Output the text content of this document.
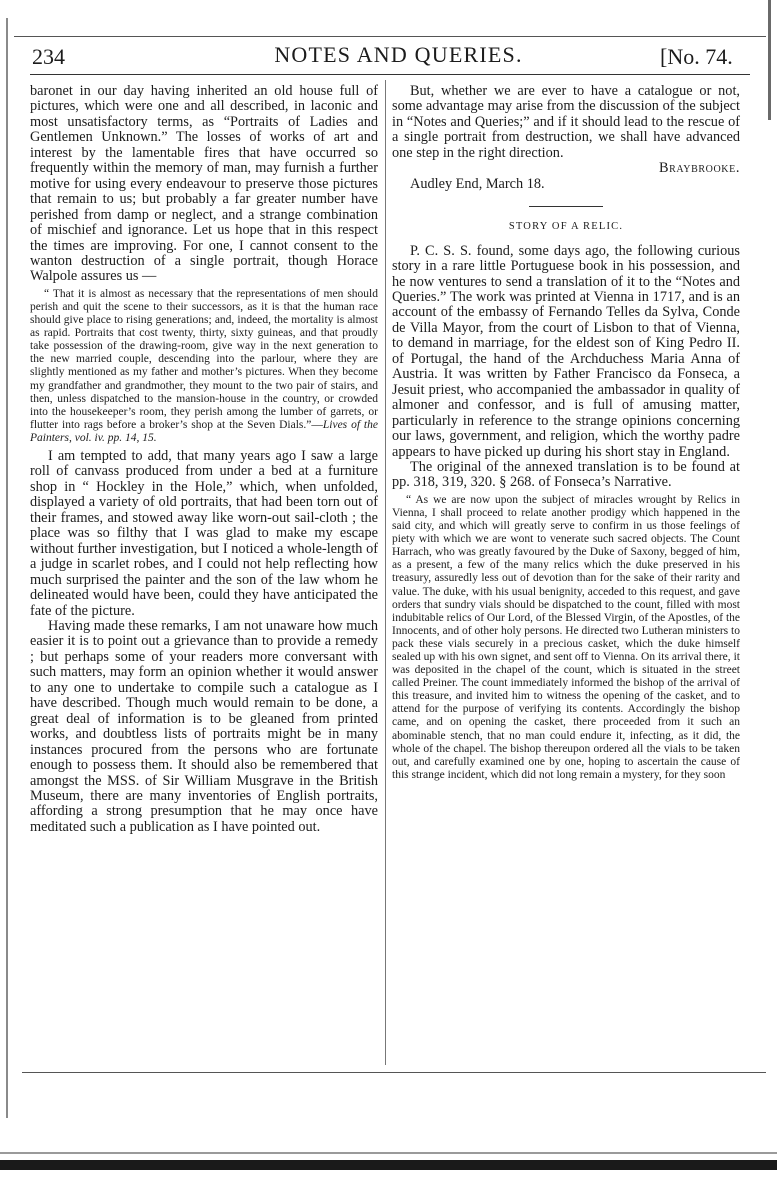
234	NOTES AND QUERIES.	[No. 74.

baronet in our day having inherited an old house full of pictures, which were one and all described, in laconic and most unsatisfactory terms, as “Portraits of Ladies and Gentlemen Unknown.” The losses of works of art and interest by the lamentable fires that have occurred so frequently within the memory of man, may furnish a further motive for using every endeavour to preserve those pictures that remain to us; but probably a far greater number have perished from damp or neglect, and a strange combination of mischief and ignorance. Let us hope that in this respect the times are improving. For one, I cannot consent to the wanton destruction of a single portrait, though Horace Walpole assures us —

“ That it is almost as necessary that the representations of men should perish and quit the scene to their successors, as it is that the human race should give place to rising generations; and, indeed, the mortality is almost as rapid. Portraits that cost twenty, thirty, sixty guineas, and that proudly take possession of the drawing-room, give way in the next generation to the new married couple, descending into the parlour, where they are slightly mentioned as my father and mother’s pictures. When they become my grandfather and grandmother, they mount to the two pair of stairs, and then, unless dispatched to the mansion-house in the country, or crowded into the housekeeper’s room, they perish among the lumber of garrets, or flutter into rags before a broker’s shop at the Seven Dials.”—Lives of the Painters, vol. iv. pp. 14, 15.

I am tempted to add, that many years ago I saw a large roll of canvass produced from under a bed at a furniture shop in “ Hockley in the Hole,” which, when unfolded, displayed a variety of old portraits, that had been torn out of their frames, and stowed away like worn-out sail-cloth ; the place was so filthy that I was glad to make my escape without further investigation, but I noticed a whole-length of a judge in scarlet robes, and I could not help reflecting how much surprised the painter and the son of the law whom he delineated would have been, could they have anticipated the fate of the picture.

Having made these remarks, I am not unaware how much easier it is to point out a grievance than to provide a remedy ; but perhaps some of your readers more conversant with such matters, may form an opinion whether it would answer to any one to undertake to compile such a catalogue as I have described. Though much would remain to be done, a great deal of information is to be gleaned from printed works, and doubtless lists of portraits might be in many instances procured from the persons who are fortunate enough to possess them. It should also be remembered that amongst the MSS. of Sir William Musgrave in the British Museum, there are many inventories of English portraits, affording a strong presumption that he may once have meditated such a publication as I have pointed out.

But, whether we are ever to have a catalogue or not, some advantage may arise from the discussion of the subject in “Notes and Queries;” and if it should lead to the rescue of a single portrait from destruction, we shall have advanced one step in the right direction.

Braybrooke.

Audley End, March 18.

STORY OF A RELIC.

P. C. S. S. found, some days ago, the following curious story in a rare little Portuguese book in his possession, and he now ventures to send a translation of it to the “Notes and Queries.” The work was printed at Vienna in 1717, and is an account of the embassy of Fernando Telles da Sylva, Conde de Villa Mayor, from the court of Lisbon to that of Vienna, to demand in marriage, for the eldest son of King Pedro II. of Portugal, the hand of the Archduchess Maria Anna of Austria. It was written by Father Francisco da Fonseca, a Jesuit priest, who accompanied the ambassador in quality of almoner and confessor, and is full of amusing matter, particularly in reference to the strange opinions concerning our laws, government, and religion, which the worthy padre appears to have picked up during his short stay in England.

The original of the annexed translation is to be found at pp. 318, 319, 320. § 268. of Fonseca’s Narrative.

“ As we are now upon the subject of miracles wrought by Relics in Vienna, I shall proceed to relate another prodigy which happened in the said city, and which will greatly serve to confirm in us those feelings of piety with which we are wont to venerate such sacred objects. The Count Harrach, who was greatly favoured by the Duke of Saxony, begged of him, as a present, a few of the many relics which the duke preserved in his treasury, assuredly less out of devotion than for the sake of their rarity and value. The duke, with his usual benignity, acceded to this request, and gave orders that sundry vials should be dispatched to the count, filled with most indubitable relics of Our Lord, of the Blessed Virgin, of the Apostles, of the Innocents, and of other holy persons. He directed two Lutheran ministers to pack these vials securely in a precious casket, which the duke himself sealed up with his own signet, and sent off to Vienna. On its arrival there, it was deposited in the chapel of the count, which is situated in the street called Preiner. The count immediately informed the bishop of the arrival of this treasure, and invited him to witness the opening of the casket, and to attend for the purpose of verifying its contents. Accordingly the bishop came, and on opening the casket, there proceeded from it such an abominable stench, that no man could endure it, infecting, as it did, the whole of the chapel. The bishop thereupon ordered all the vials to be taken out, and carefully examined one by one, hoping to ascertain the cause of this strange incident, which did not long remain a mystery, for they soon
